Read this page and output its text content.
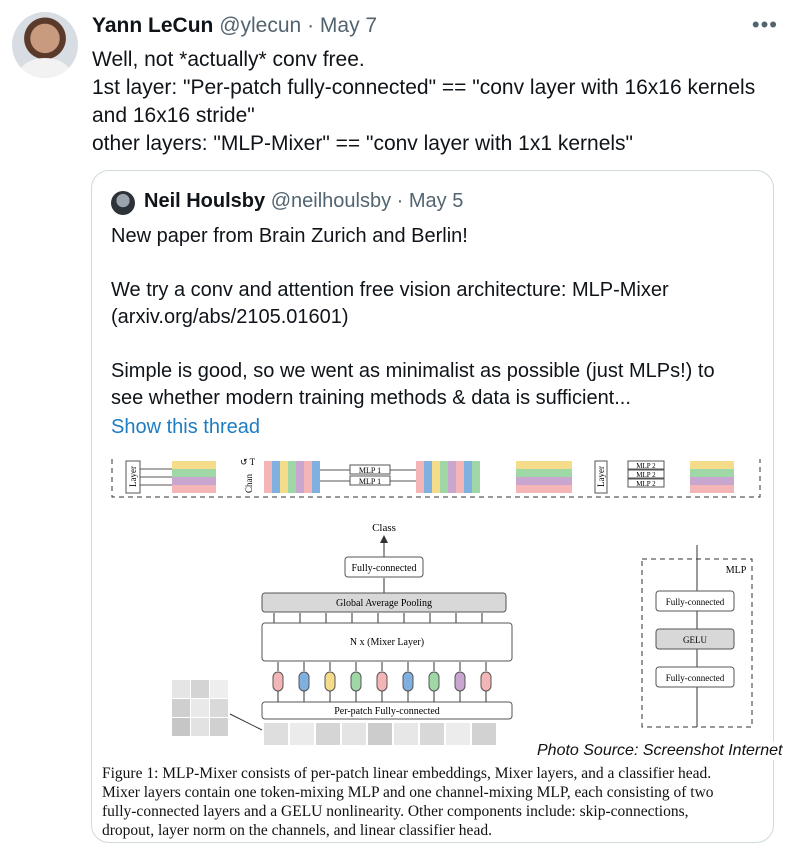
Yann LeCun @ylecun · May 7	•••
Well, not *actually* conv free.
1st layer: "Per-patch fully-connected" == "conv layer with 16x16 kernels
and 16x16 stride"
other layers: "MLP-Mixer" == "conv layer with 1x1 kernels"
Neil Houlsby @neilhoulsby · May 5
New paper from Brain Zurich and Berlin!
We try a conv and attention free vision architecture: MLP-Mixer
(arxiv.org/abs/2105.01601)
Simple is good, so we went as minimalist as possible (just MLPs!) to
see whether modern training methods & data is sufficient...
Show this thread
Layer
↺ T
Chan
MLP 1
MLP 1	Layer
MLP 2
MLP 2
MLP 2
Class
Fully-connected
Global Average Pooling
N x (Mixer Layer)
Per-patch Fully-connected
MLP
Fully-connected
GELU
Fully-connected
Figure 1: MLP-Mixer consists of per-patch linear embeddings, Mixer layers, and a classifier head.
Mixer layers contain one token-mixing MLP and one channel-mixing MLP, each consisting of two
fully-connected layers and a GELU nonlinearity. Other components include: skip-connections,
dropout, layer norm on the channels, and linear classifier head.
Photo Source: Screenshot Internet
